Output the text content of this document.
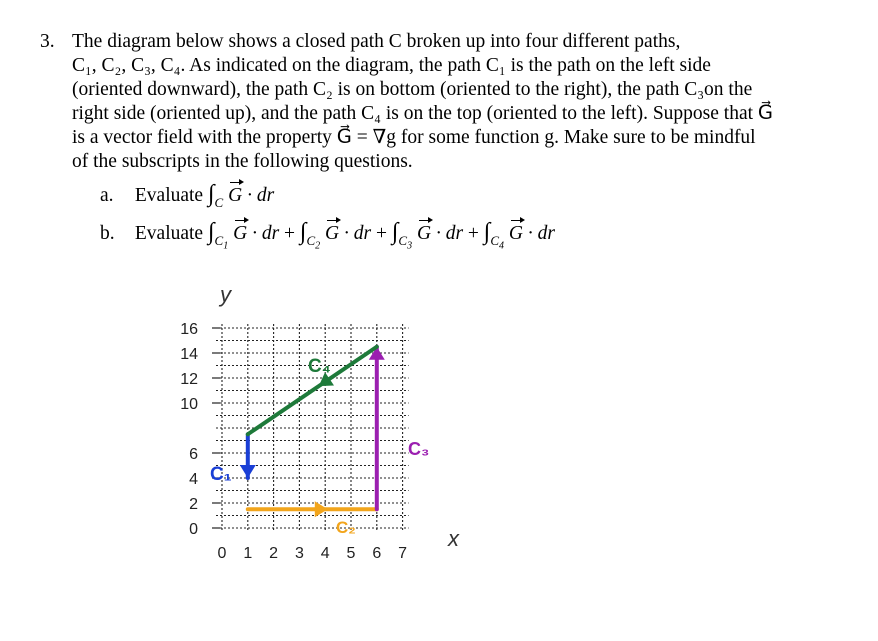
3. The diagram below shows a closed path C broken up into four different paths,
C₁, C₂, C₃, C₄. As indicated on the diagram, the path C₁ is the path on the left side
(oriented downward), the path C₂ is on bottom (oriented to the right), the path C₃on the
right side (oriented up), and the path C₄ is on the top (oriented to the left). Suppose that G⃗
is a vector field with the property G⃗ = ∇g for some function g. Make sure to be mindful
of the subscripts in the following questions.
a. Evaluate $\int_C$ G · dr
b. Evaluate $\int_{C_1}$ G · dr + $\int_{C_2}$ G · dr + $\int_{C_3}$ G · dr + $\int_{C_4}$ G · dr
16
14
12
10
6
4
2
0
0 1 2 3 4 5 6 7
y
x
C₁
C₂
C₃
C₄
